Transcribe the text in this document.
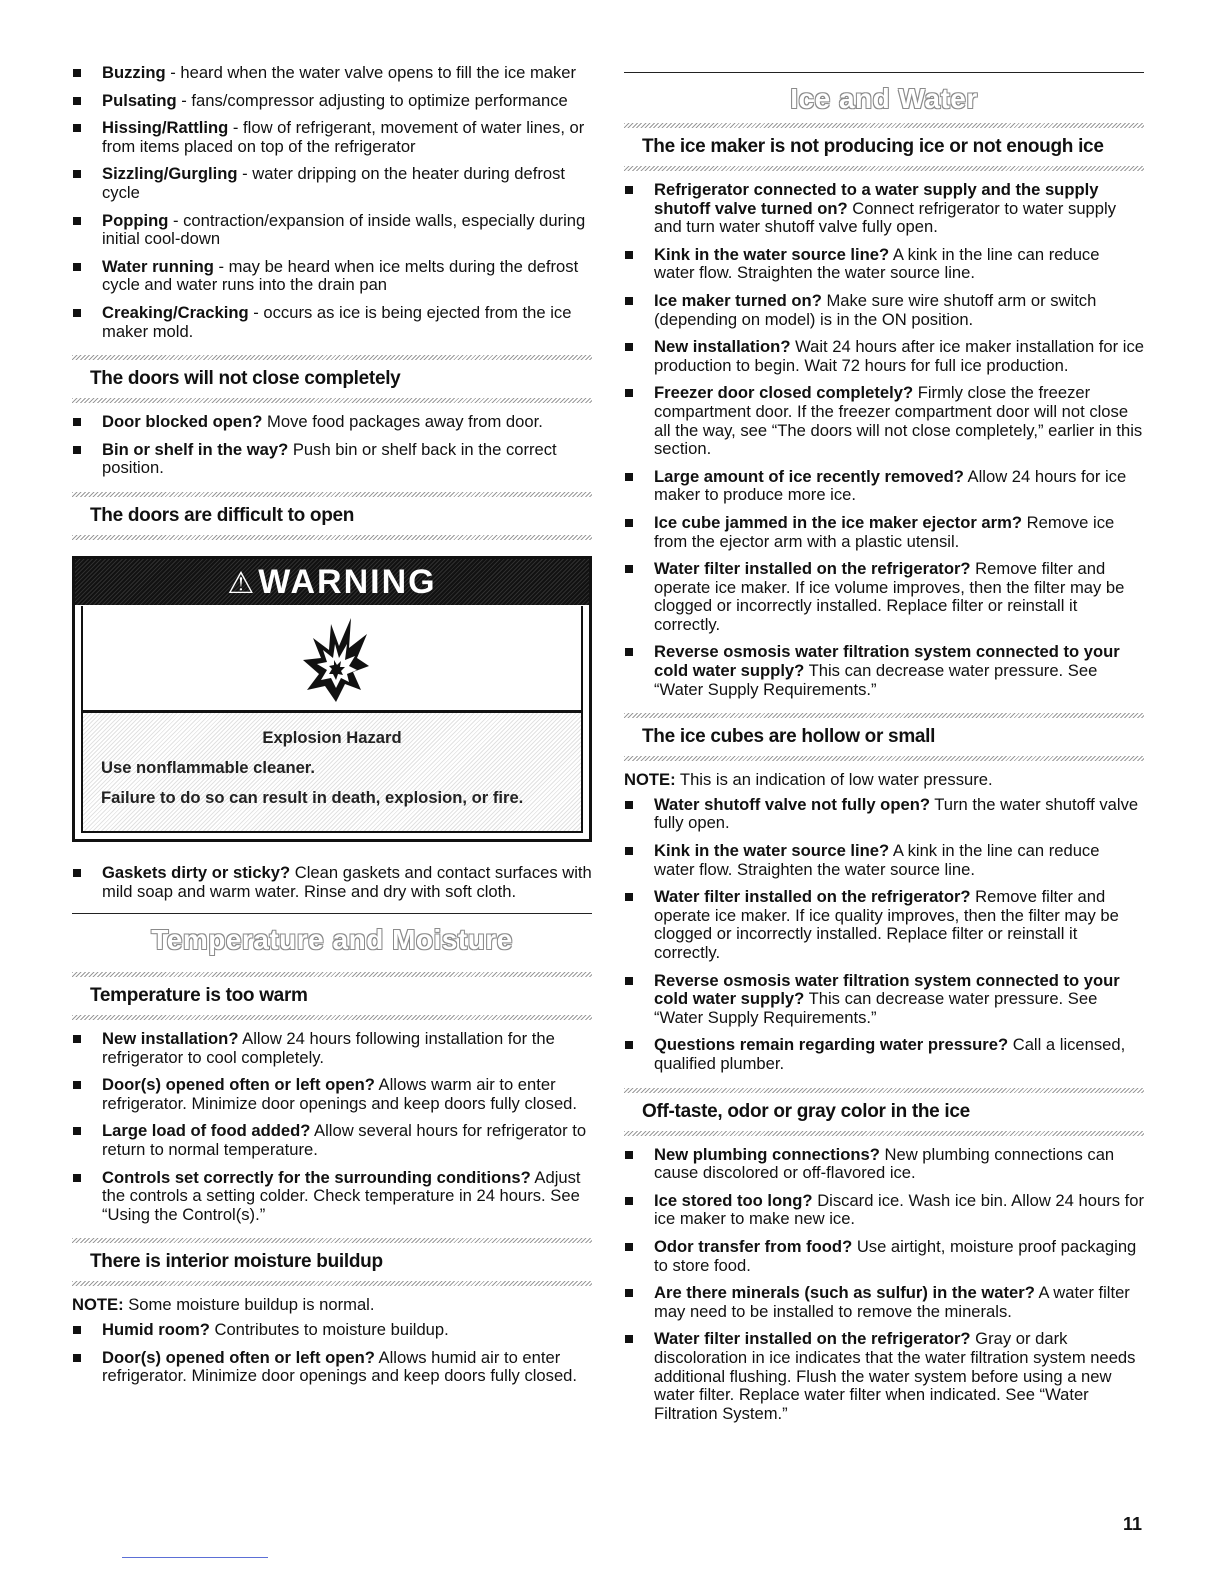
Buzzing - heard when the water valve opens to fill the ice maker
Pulsating - fans/compressor adjusting to optimize performance
Hissing/Rattling - flow of refrigerant, movement of water lines, or from items placed on top of the refrigerator
Sizzling/Gurgling - water dripping on the heater during defrost cycle
Popping - contraction/expansion of inside walls, especially during initial cool-down
Water running - may be heard when ice melts during the defrost cycle and water runs into the drain pan
Creaking/Cracking - occurs as ice is being ejected from the ice maker mold.
The doors will not close completely
Door blocked open? Move food packages away from door.
Bin or shelf in the way? Push bin or shelf back in the correct position.
The doors are difficult to open
⚠WARNING
Explosion Hazard
Use nonflammable cleaner.
Failure to do so can result in death, explosion, or fire.
Gaskets dirty or sticky? Clean gaskets and contact surfaces with mild soap and warm water. Rinse and dry with soft cloth.
Temperature and Moisture
Temperature is too warm
New installation? Allow 24 hours following installation for the refrigerator to cool completely.
Door(s) opened often or left open? Allows warm air to enter refrigerator. Minimize door openings and keep doors fully closed.
Large load of food added? Allow several hours for refrigerator to return to normal temperature.
Controls set correctly for the surrounding conditions? Adjust the controls a setting colder. Check temperature in 24 hours. See “Using the Control(s).”
There is interior moisture buildup

NOTE: Some moisture buildup is normal.

Humid room? Contributes to moisture buildup.
Door(s) opened often or left open? Allows humid air to enter refrigerator. Minimize door openings and keep doors fully closed.
Ice and Water
The ice maker is not producing ice or not enough ice
Refrigerator connected to a water supply and the supply shutoff valve turned on? Connect refrigerator to water supply and turn water shutoff valve fully open.
Kink in the water source line? A kink in the line can reduce water flow. Straighten the water source line.
Ice maker turned on? Make sure wire shutoff arm or switch (depending on model) is in the ON position.
New installation? Wait 24 hours after ice maker installation for ice production to begin. Wait 72 hours for full ice production.
Freezer door closed completely? Firmly close the freezer compartment door. If the freezer compartment door will not close all the way, see “The doors will not close completely,” earlier in this section.
Large amount of ice recently removed? Allow 24 hours for ice maker to produce more ice.
Ice cube jammed in the ice maker ejector arm? Remove ice from the ejector arm with a plastic utensil.
Water filter installed on the refrigerator? Remove filter and operate ice maker. If ice volume improves, then the filter may be clogged or incorrectly installed. Replace filter or reinstall it correctly.
Reverse osmosis water filtration system connected to your cold water supply? This can decrease water pressure. See “Water Supply Requirements.”
The ice cubes are hollow or small

NOTE: This is an indication of low water pressure.

Water shutoff valve not fully open? Turn the water shutoff valve fully open.
Kink in the water source line? A kink in the line can reduce water flow. Straighten the water source line.
Water filter installed on the refrigerator? Remove filter and operate ice maker. If ice quality improves, then the filter may be clogged or incorrectly installed. Replace filter or reinstall it correctly.
Reverse osmosis water filtration system connected to your cold water supply? This can decrease water pressure. See “Water Supply Requirements.”
Questions remain regarding water pressure? Call a licensed, qualified plumber.
Off-taste, odor or gray color in the ice
New plumbing connections? New plumbing connections can cause discolored or off-flavored ice.
Ice stored too long? Discard ice. Wash ice bin. Allow 24 hours for ice maker to make new ice.
Odor transfer from food? Use airtight, moisture proof packaging to store food.
Are there minerals (such as sulfur) in the water? A water filter may need to be installed to remove the minerals.
Water filter installed on the refrigerator? Gray or dark discoloration in ice indicates that the water filtration system needs additional flushing. Flush the water system before using a new water filter. Replace water filter when indicated. See “Water Filtration System.”
11
